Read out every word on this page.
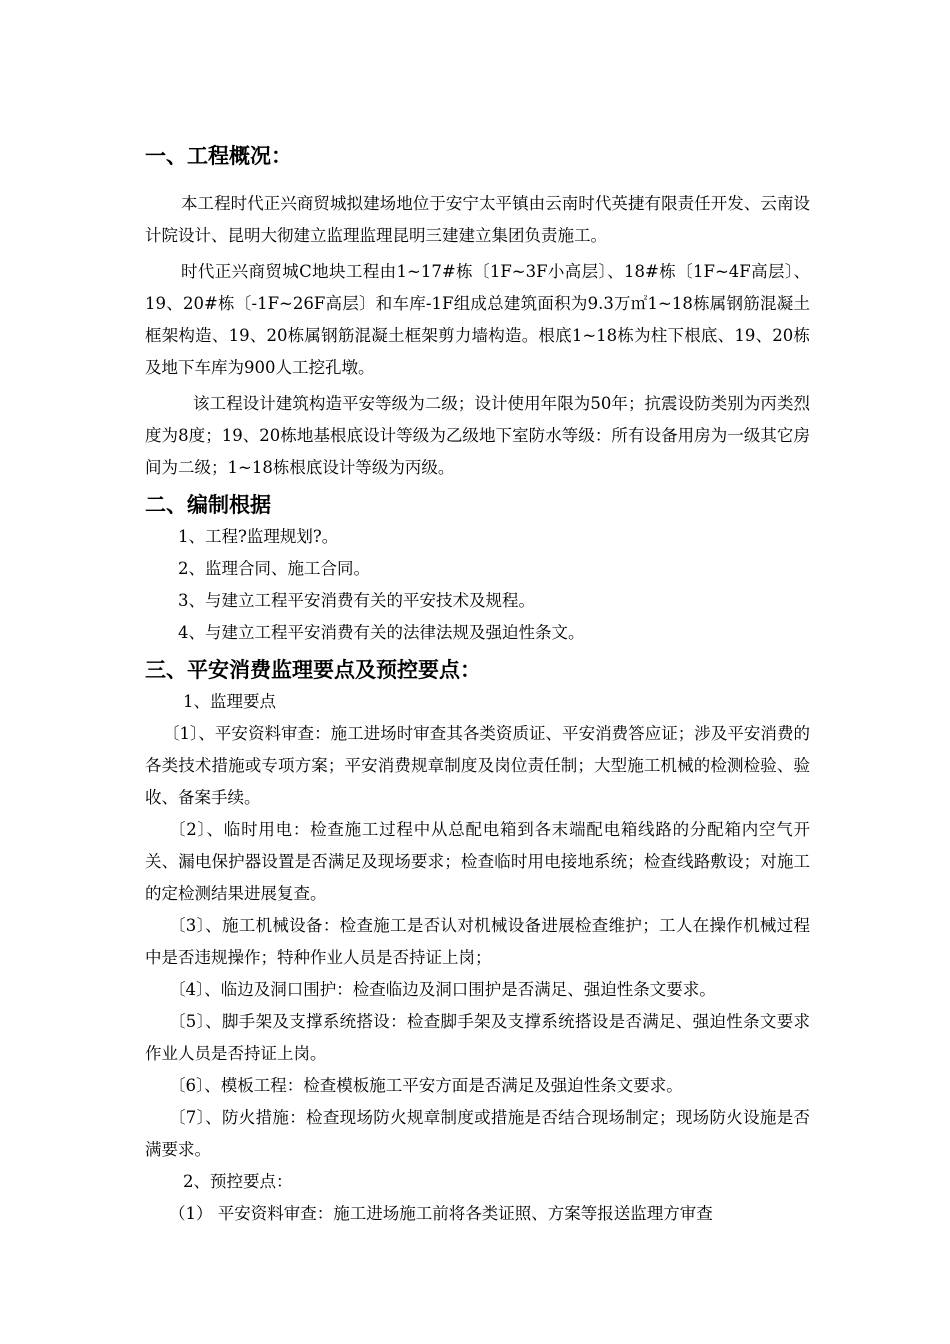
一、工程概况：

本工程时代正兴商贸城拟建场地位于安宁太平镇由云南时代英捷有限责任开发、云南设计院设计、昆明大彻建立监理监理昆明三建建立集团负责施工。

时代正兴商贸城C地块工程由1~17#栋〔1F~3F小高层〕、18#栋〔1F~4F高层〕、19、20#栋〔-1F~26F高层〕和车库-1F组成总建筑面积为9.3万㎡1~18栋属钢筋混凝土框架构造、19、20栋属钢筋混凝土框架剪力墙构造。根底1~18栋为柱下根底、19、20栋及地下车库为900人工挖孔墩。

该工程设计建筑构造平安等级为二级；设计使用年限为50年；抗震设防类别为丙类烈度为8度；19、20栋地基根底设计等级为乙级地下室防水等级：所有设备用房为一级其它房间为二级；1~18栋根底设计等级为丙级。

二、编制根据

1、工程?监理规划?。

2、监理合同、施工合同。

3、与建立工程平安消费有关的平安技术及规程。

4、与建立工程平安消费有关的法律法规及强迫性条文。

三、平安消费监理要点及预控要点：

1、监理要点

〔1〕、平安资料审查：施工进场时审查其各类资质证、平安消费答应证；涉及平安消费的各类技术措施或专项方案；平安消费规章制度及岗位责任制；大型施工机械的检测检验、验收、备案手续。

〔2〕、临时用电：检查施工过程中从总配电箱到各末端配电箱线路的分配箱内空气开关、漏电保护器设置是否满足及现场要求；检查临时用电接地系统；检查线路敷设；对施工的定检测结果进展复查。

〔3〕、施工机械设备：检查施工是否认对机械设备进展检查维护；工人在操作机械过程中是否违规操作；特种作业人员是否持证上岗；

〔4〕、临边及洞口围护：检查临边及洞口围护是否满足、强迫性条文要求。

〔5〕、脚手架及支撑系统搭设：检查脚手架及支撑系统搭设是否满足、强迫性条文要求作业人员是否持证上岗。

〔6〕、模板工程：检查模板施工平安方面是否满足及强迫性条文要求。

〔7〕、防火措施：检查现场防火规章制度或措施是否结合现场制定；现场防火设施是否满要求。

2、预控要点：

（1） 平安资料审查：施工进场施工前将各类证照、方案等报送监理方审查
